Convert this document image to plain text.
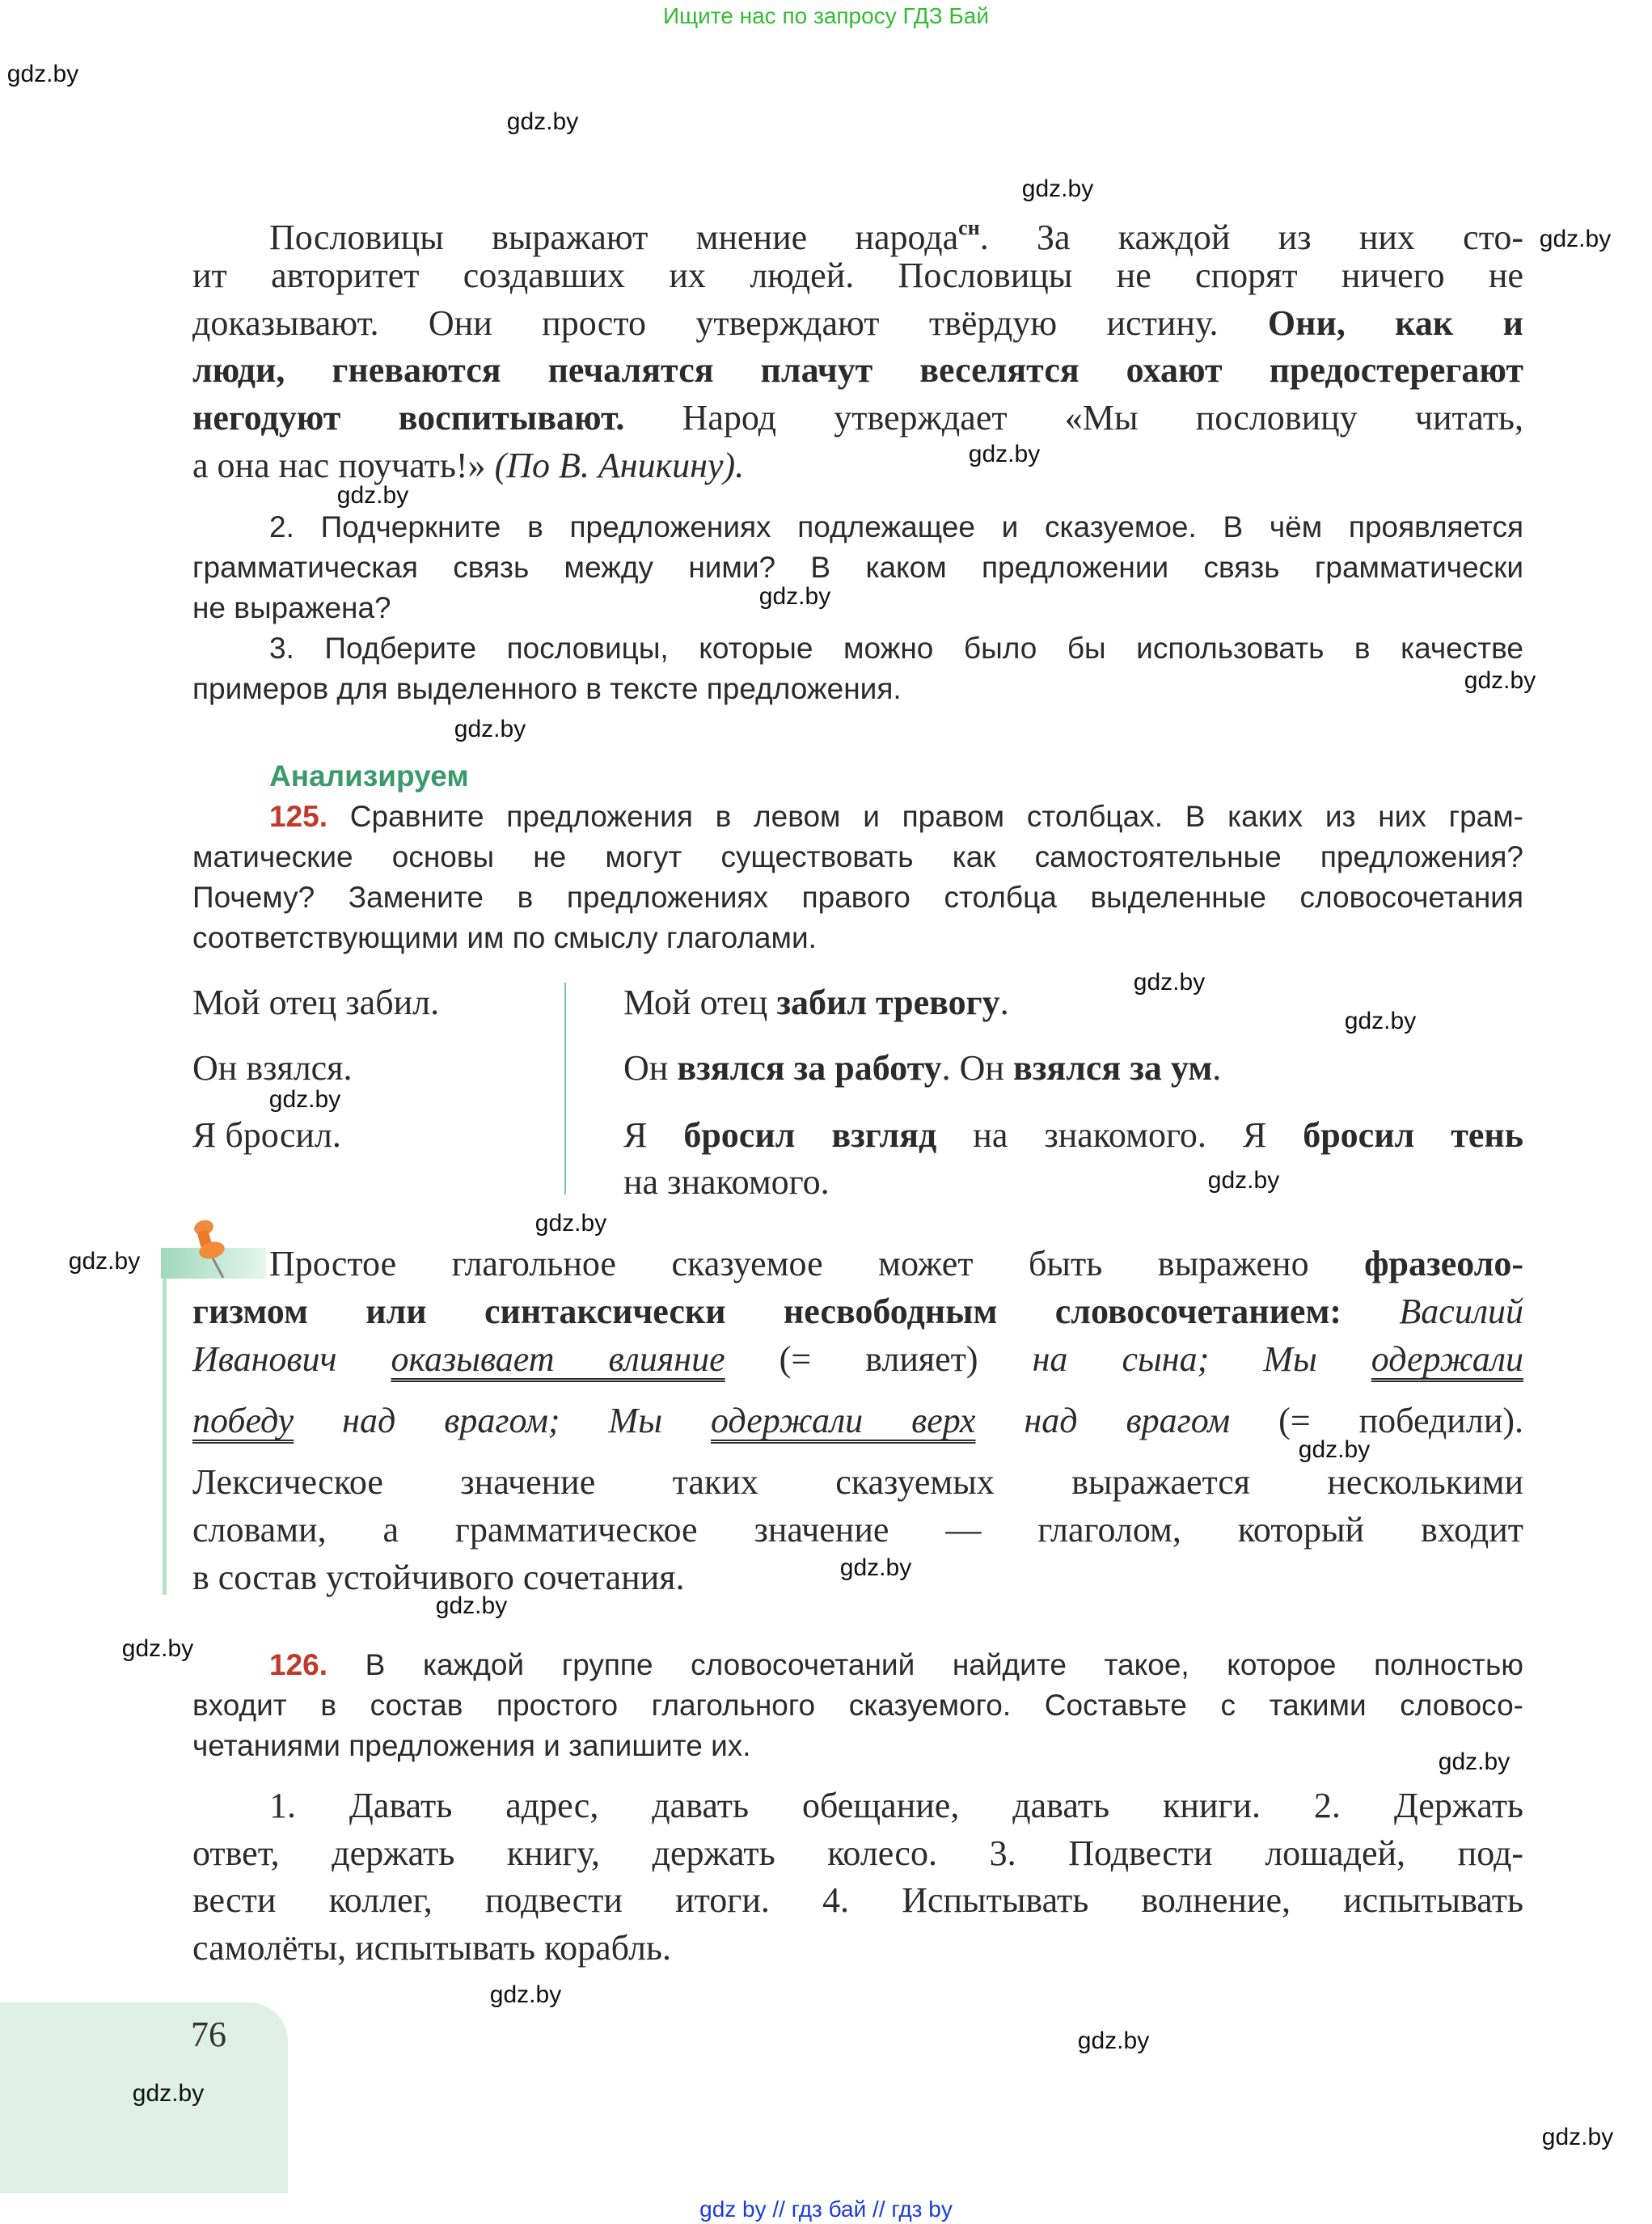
Ищите нас по запросу ГДЗ Бай
Пословицы выражают мнение народа$^{сн}$. За каждой из них сто-
ит авторитет создавших их людей. Пословицы не спорят ничего не
доказывают. Они просто утверждают твёрдую истину. Они, как и
люди, гневаются печалятся плачут веселятся охают предостерегают
негодуют воспитывают. Народ утверждает «Мы пословицу читать,
а она нас поучать!» (По В. Аникину).
2. Подчеркните в предложениях подлежащее и сказуемое. В чём проявляется
грамматическая связь между ними? В каком предложении связь грамматически
не выражена?
3. Подберите пословицы, которые можно было бы использовать в качестве
примеров для выделенного в тексте предложения.
Анализируем
125. Сравните предложения в левом и правом столбцах. В каких из них грам-
матические основы не могут существовать как самостоятельные предложения?
Почему? Замените в предложениях правого столбца выделенные словосочетания
соответствующими им по смыслу глаголами.
Мой отец забил.
Он взялся.
Я бросил.
Мой отец забил тревогу.
Он взялся за работу. Он взялся за ум.
Я бросил взгляд на знакомого. Я бросил тень
на знакомого.
Простое глагольное сказуемое может быть выражено фразеоло-
гизмом или синтаксически несвободным словосочетанием: Василий
Иванович оказывает влияние (= влияет) на сына; Мы одержали
победу над врагом; Мы одержали верх над врагом (= победили).
Лексическое значение таких сказуемых выражается несколькими
словами, а грамматическое значение — глаголом, который входит
в состав устойчивого сочетания.
126. В каждой группе словосочетаний найдите такое, которое полностью
входит в состав простого глагольного сказуемого. Составьте с такими словосо-
четаниями предложения и запишите их.
1. Давать адрес, давать обещание, давать книги. 2. Держать
ответ, держать книгу, держать колесо. 3. Подвести лошадей, под-
вести коллег, подвести итоги. 4. Испытывать волнение, испытывать
самолёты, испытывать корабль.
76
gdz by // гдз бай // гдз by
gdz.by
gdz.by
gdz.by
gdz.by
gdz.by
gdz.by
gdz.by
gdz.by
gdz.by
gdz.by
gdz.by
gdz.by
gdz.by
gdz.by
gdz.by
gdz.by
gdz.by
gdz.by
gdz.by
gdz.by
gdz.by
gdz.by
gdz.by
gdz.by
